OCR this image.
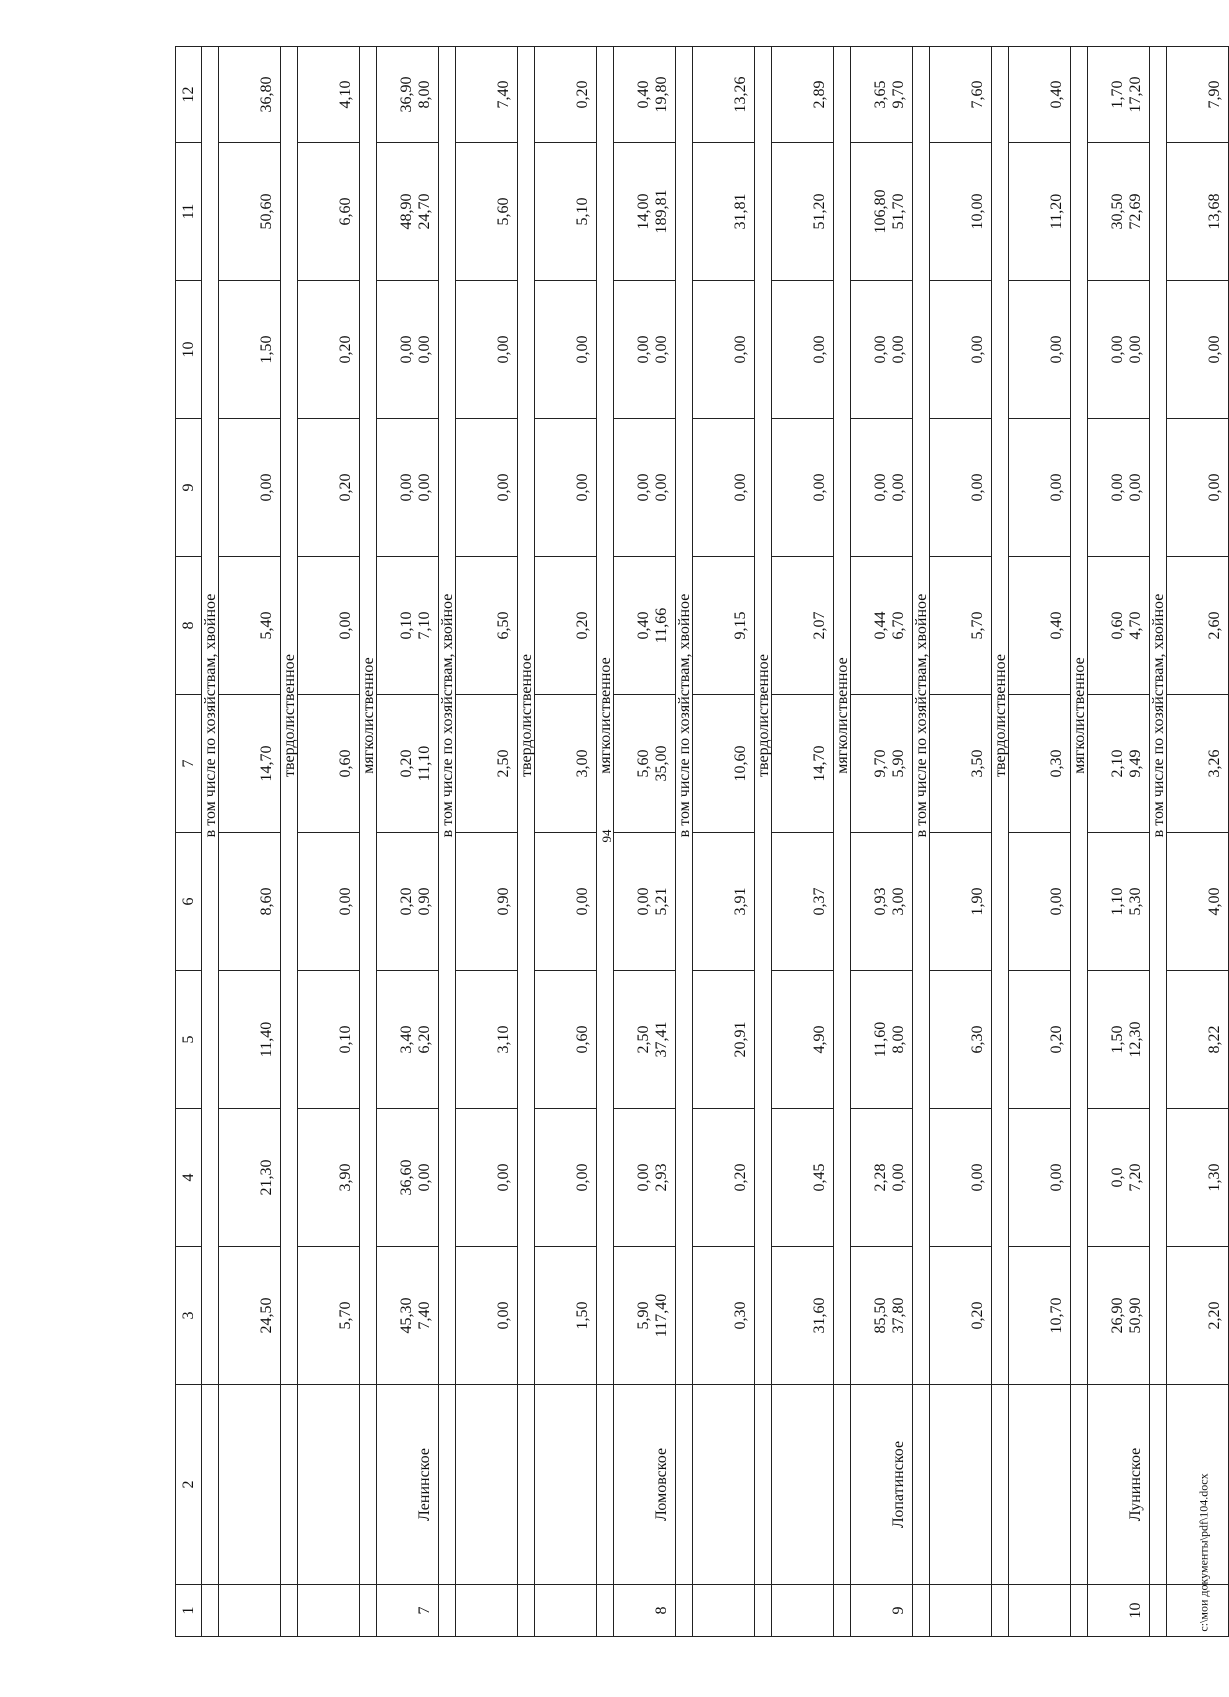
94
1	2	3	4	5	6	7	8	9	10	11	12
		в том числе по хозяйствам, хвойное									

		24,50	21,30	11,40	8,60	14,70	5,40	0,00	1,50	50,60	36,80

		твердолиственное									

		5,70	3,90	0,10	0,00	0,60	0,00	0,20	0,20	6,60	4,10

		мягколиственное									
7	Ленинское	45,30 7,40	36,60 0,00	3,40 6,20	0,20 0,90	0,20 11,10	0,10 7,10	0,00 0,00	0,00 0,00	48,90 24,70	36,90 8,00

		в том числе по хозяйствам, хвойное									

		0,00	0,00	3,10	0,90	2,50	6,50	0,00	0,00	5,60	7,40

		твердолиственное									

		1,50	0,00	0,60	0,00	3,00	0,20	0,00	0,00	5,10	0,20

		мягколиственное									
8	Ломовское	5,90 117,40	0,00 2,93	2,50 37,41	0,00 5,21	5,60 35,00	0,40 11,66	0,00 0,00	0,00 0,00	14,00 189,81	0,40 19,80

		в том числе по хозяйствам, хвойное									

		0,30	0,20	20,91	3,91	10,60	9,15	0,00	0,00	31,81	13,26

		твердолиственное									

		31,60	0,45	4,90	0,37	14,70	2,07	0,00	0,00	51,20	2,89

		мягколиственное									
9	Лопатинское	85,50 37,80	2,28 0,00	11,60 8,00	0,93 3,00	9,70 5,90	0,44 6,70	0,00 0,00	0,00 0,00	106,80 51,70	3,65 9,70

		в том числе по хозяйствам, хвойное									

		0,20	0,00	6,30	1,90	3,50	5,70	0,00	0,00	10,00	7,60

		твердолиственное									

		10,70	0,00	0,20	0,00	0,30	0,40	0,00	0,00	11,20	0,40

		мягколиственное									
10	Лунинское	26,90 50,90	0,0 7,20	1,50 12,30	1,10 5,30	2,10 9,49	0,60 4,70	0,00 0,00	0,00 0,00	30,50 72,69	1,70 17,20

		в том числе по хозяйствам, хвойное									

		2,20	1,30	8,22	4,00	3,26	2,60	0,00	0,00	13,68	7,90
c:\мои документы\pdf\104.docx
